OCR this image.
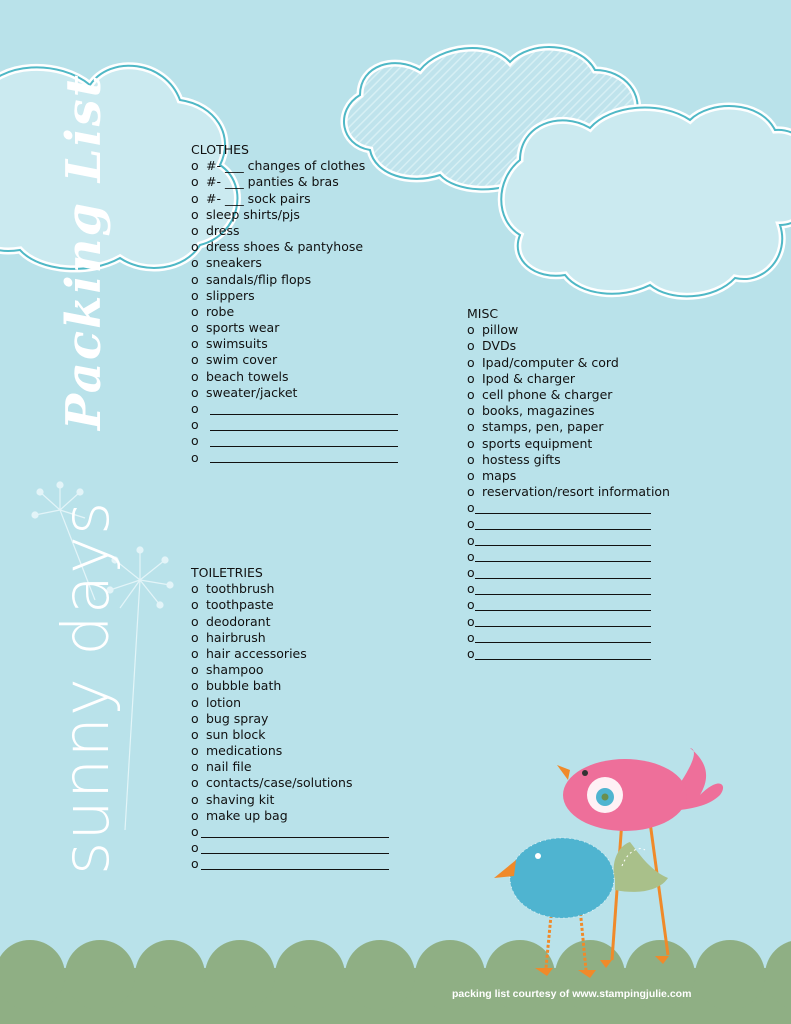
Packing List
sunny days
CLOTHES
o #- ___ changes of clothes
o #- ___ panties & bras
o #- ___ sock pairs
o sleep shirts/pjs
o dress
o dress shoes & pantyhose
o sneakers
o sandals/flip flops
o slippers
o robe
o sports wear
o swimsuits
o swim cover
o beach towels
o sweater/jacket
o
o
o
o
TOILETRIES
o toothbrush
o toothpaste
o deodorant
o hairbrush
o hair accessories
o shampoo
o bubble bath
o lotion
o bug spray
o sun block
o medications
o nail file
o contacts/case/solutions
o shaving kit
o make up bag
o
o
o
MISC
o pillow
o DVDs
o Ipad/computer & cord
o Ipod & charger
o cell phone & charger
o books, magazines
o stamps, pen, paper
o sports equipment
o hostess gifts
o maps
o reservation/resort information
o
o
o
o
o
o
o
o
o
o
packing list courtesy of www.stampingjulie.com
